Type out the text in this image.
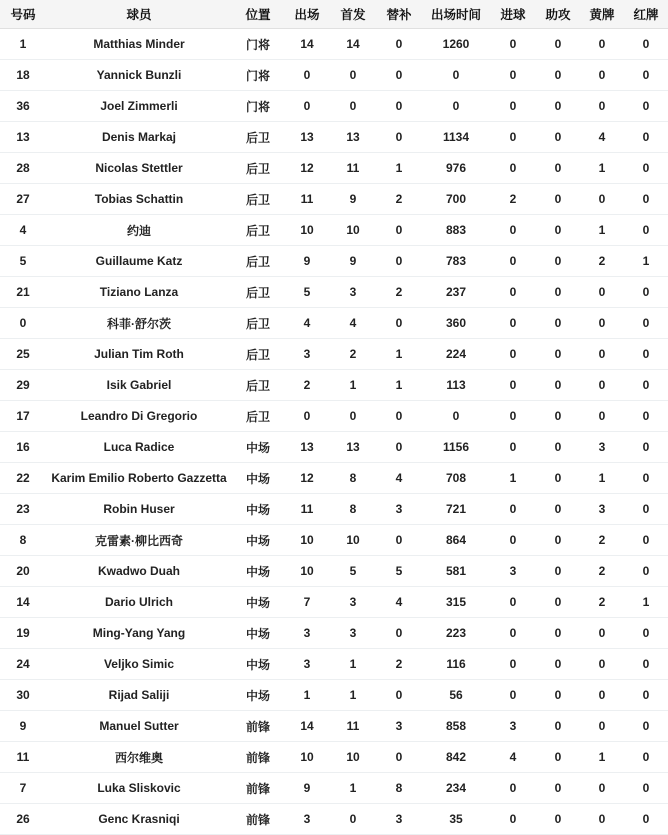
号码	球员	位置	出场	首发	替补	出场时间	进球	助攻	黄牌	红牌
1	Matthias Minder	门将	14	14	0	1260	0	0	0	0
18	Yannick Bunzli	门将	0	0	0	0	0	0	0	0
36	Joel Zimmerli	门将	0	0	0	0	0	0	0	0
13	Denis Markaj	后卫	13	13	0	1134	0	0	4	0
28	Nicolas Stettler	后卫	12	11	1	976	0	0	1	0
27	Tobias Schattin	后卫	11	9	2	700	2	0	0	0
4	约迪	后卫	10	10	0	883	0	0	1	0
5	Guillaume Katz	后卫	9	9	0	783	0	0	2	1
21	Tiziano Lanza	后卫	5	3	2	237	0	0	0	0
0	科菲·舒尔茨	后卫	4	4	0	360	0	0	0	0
25	Julian Tim Roth	后卫	3	2	1	224	0	0	0	0
29	Isik Gabriel	后卫	2	1	1	113	0	0	0	0
17	Leandro Di Gregorio	后卫	0	0	0	0	0	0	0	0
16	Luca Radice	中场	13	13	0	1156	0	0	3	0
22	Karim Emilio Roberto Gazzetta	中场	12	8	4	708	1	0	1	0
23	Robin Huser	中场	11	8	3	721	0	0	3	0
8	克雷素·柳比西奇	中场	10	10	0	864	0	0	2	0
20	Kwadwo Duah	中场	10	5	5	581	3	0	2	0
14	Dario Ulrich	中场	7	3	4	315	0	0	2	1
19	Ming-Yang Yang	中场	3	3	0	223	0	0	0	0
24	Veljko Simic	中场	3	1	2	116	0	0	0	0
30	Rijad Saliji	中场	1	1	0	56	0	0	0	0
9	Manuel Sutter	前锋	14	11	3	858	3	0	0	0
11	西尔维奥	前锋	10	10	0	842	4	0	1	0
7	Luka Sliskovic	前锋	9	1	8	234	0	0	0	0
26	Genc Krasniqi	前锋	3	0	3	35	0	0	0	0
